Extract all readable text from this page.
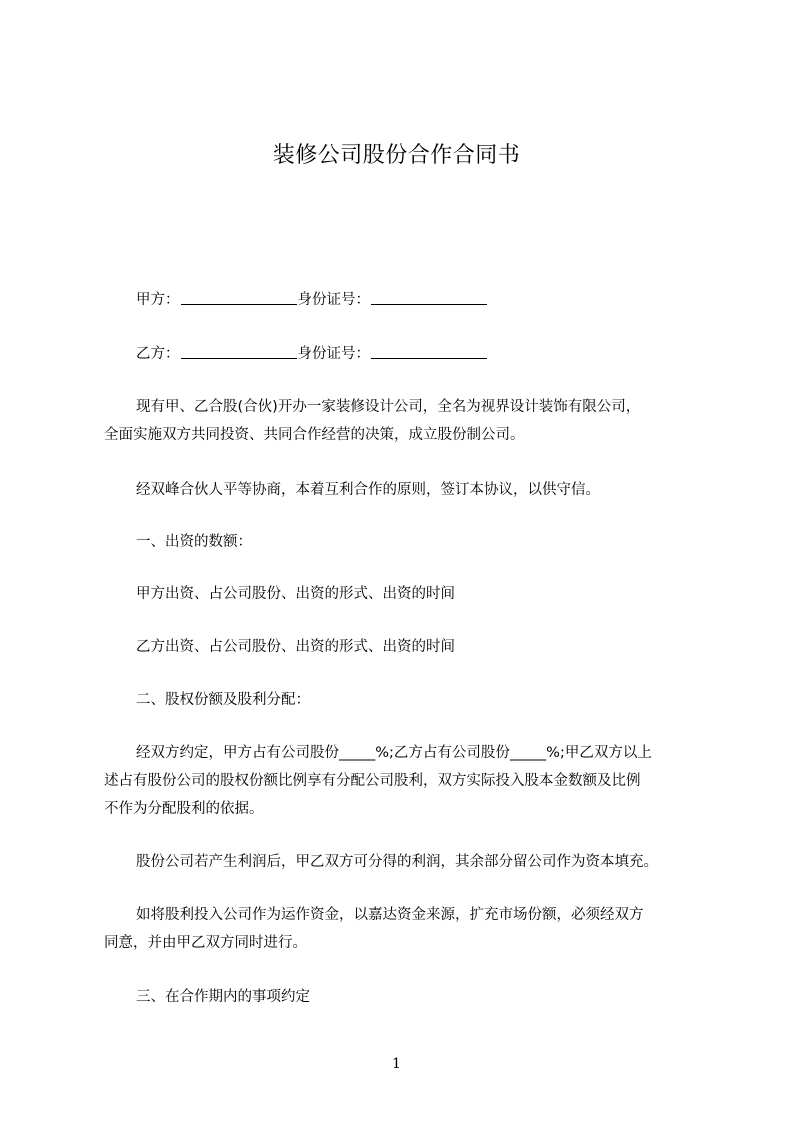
装修公司股份合作合同书
甲方：	身份证号：
乙方：	身份证号：
现有甲、乙合股(合伙)开办一家装修设计公司，全名为视界设计装饰有限公司，
全面实施双方共同投资、共同合作经营的决策，成立股份制公司。
经双峰合伙人平等协商，本着互利合作的原则，签订本协议，以供守信。
一、出资的数额：
甲方出资、占公司股份、出资的形式、出资的时间
乙方出资、占公司股份、出资的形式、出资的时间
二、股权份额及股利分配：
经双方约定，甲方占有公司股份_____%;乙方占有公司股份_____%;甲乙双方以上
述占有股份公司的股权份额比例享有分配公司股利，双方实际投入股本金数额及比例
不作为分配股利的依据。
股份公司若产生利润后，甲乙双方可分得的利润，其余部分留公司作为资本填充。
如将股利投入公司作为运作资金，以嘉达资金来源，扩充市场份额，必须经双方
同意，并由甲乙双方同时进行。
三、在合作期内的事项约定
1
